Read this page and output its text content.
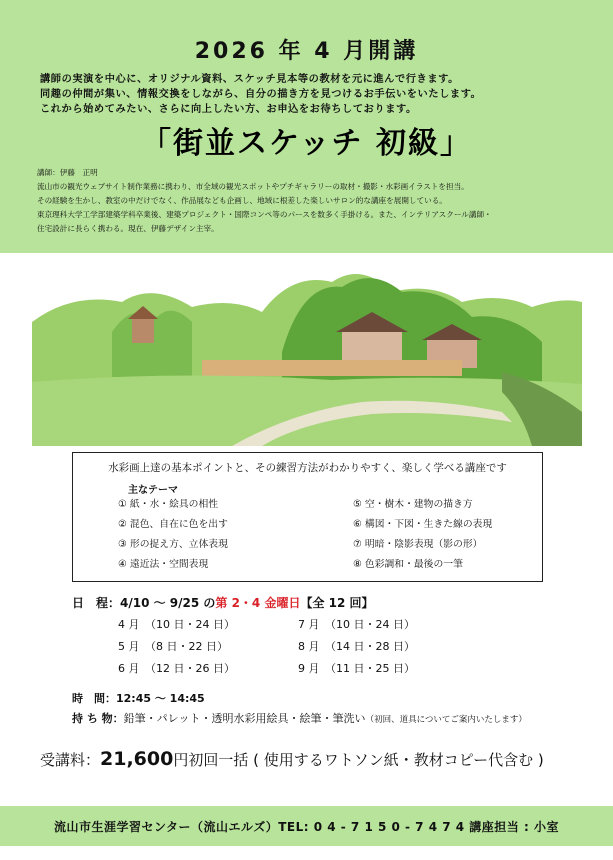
2026 年 4 月開講
講師の実演を中心に、オリジナル資料、スケッチ見本等の教材を元に進んで行きます。
同趣の仲間が集い、情報交換をしながら、自分の描き方を見つけるお手伝いをいたします。
これから始めてみたい、さらに向上したい方、お申込をお待ちしております。
「街並スケッチ 初級」
講師：伊藤　正明
流山市の観光ウェブサイト制作業務に携わり、市全域の観光スポットやプチギャラリーの取材・撮影・水彩画イラストを担当。
その経験を生かし、教室の中だけでなく、作品展なども企画し、地域に根差した楽しいサロン的な講座を展開している。
東京理科大学工学部建築学科卒業後、建築プロジェクト・国際コンペ等のパースを数多く手掛ける。また、インテリアスクール講師・
住宅設計に長らく携わる。現在、伊藤デザイン主宰。
水彩画上達の基本ポイントと、その練習方法がわかりやすく、楽しく学べる講座です
主なテーマ
① 紙・水・絵具の相性
② 混色、自在に色を出す
③ 形の捉え方、立体表現
④ 遠近法・空間表現
⑤ 空・樹木・建物の描き方
⑥ 構図・下図・生きた線の表現
⑦ 明暗・陰影表現（影の形）
⑧ 色彩調和・最後の一筆
日　程：4/10 ～ 9/25 の第 2・4 金曜日【全 12 回】
4 月　（10 日・24 日）
5 月　（8 日・22 日）
6 月　（12 日・26 日）
7 月　（10 日・24 日）
8 月　（14 日・28 日）
9 月　（11 日・25 日）
時　間：12:45 ～ 14:45
持 ち 物：鉛筆・パレット・透明水彩用絵具・絵筆・筆洗い（初回、道具についてご案内いたします）
受講料：21,600円初回一括 ( 使用するワトソン紙・教材コピー代含む )
流山市生涯学習センター（流山エルズ）TEL: 0 4 - 7 1 5 0 - 7 4 7 4 講座担当 : 小室
